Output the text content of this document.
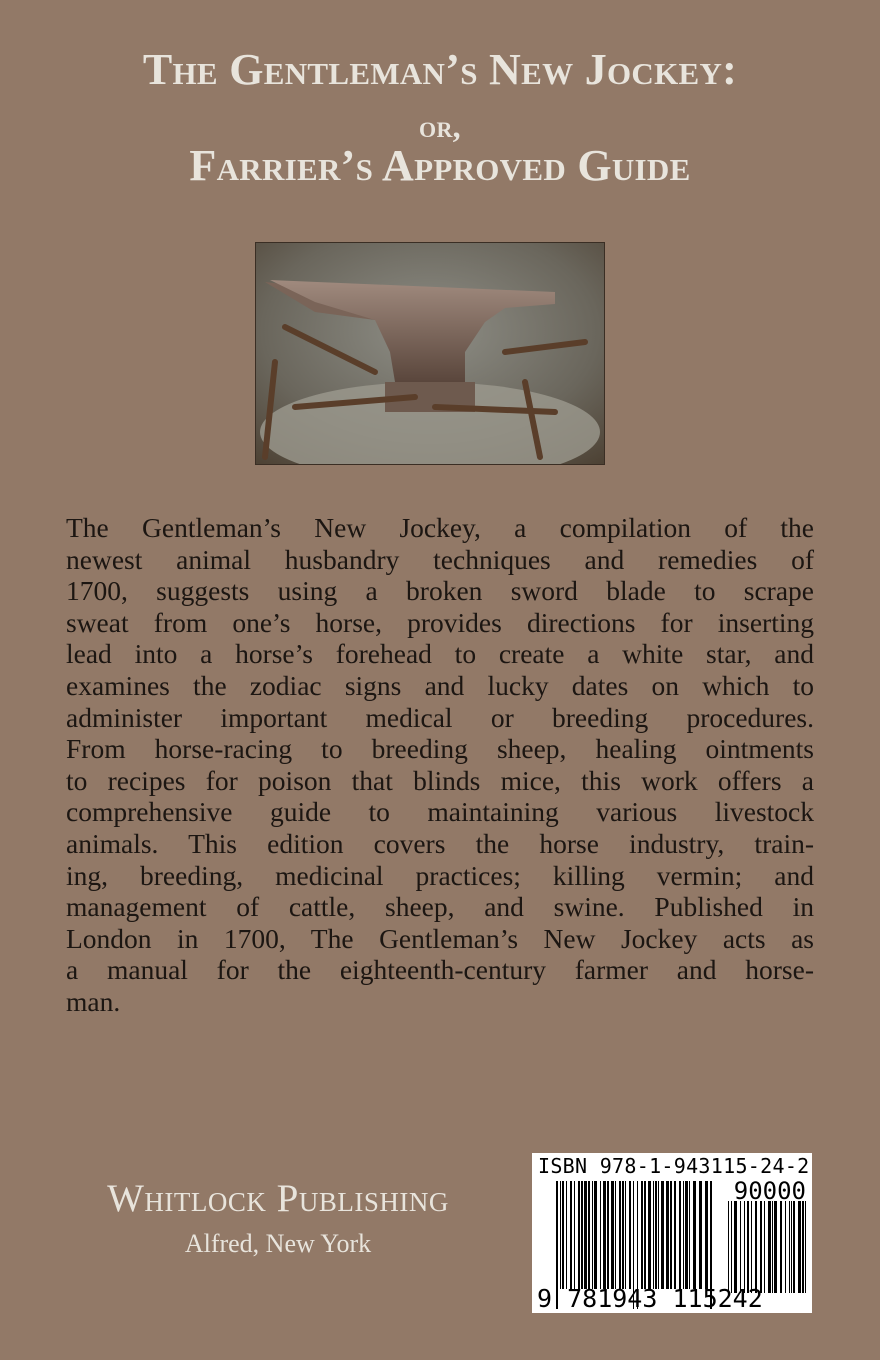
The Gentleman’s New Jockey:
or,
Farrier’s Approved Guide
The Gentleman’s New Jockey, a compilation of the
newest animal husbandry techniques and remedies of
1700, suggests using a broken sword blade to scrape
sweat from one’s horse, provides directions for inserting
lead into a horse’s forehead to create a white star, and
examines the zodiac signs and lucky dates on which to
administer important medical or breeding procedures.
From horse-racing to breeding sheep, healing ointments
to recipes for poison that blinds mice, this work offers a
comprehensive guide to maintaining various livestock
animals. This edition covers the horse industry, train-
ing, breeding, medicinal practices; killing vermin; and
management of cattle, sheep, and swine. Published in
London in 1700, The Gentleman’s New Jockey acts as
a manual for the eighteenth-century farmer and horse-
man.
Whitlock Publishing
Alfred, New York
ISBN 978-1-943115-24-2
90000
9 781943 115242
